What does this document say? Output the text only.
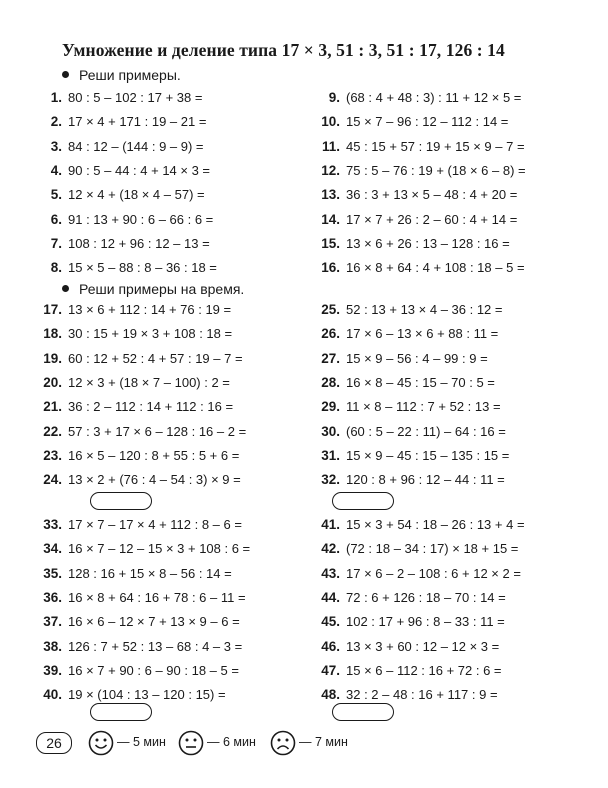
Умножение и деление типа 17 × 3, 51 : 3, 51 : 17, 126 : 14
Реши примеры.
1. 80 : 5 – 102 : 17 + 38 =
2. 17 × 4 + 171 : 19 – 21 =
3. 84 : 12 – (144 : 9 – 9) =
4. 90 : 5 – 44 : 4 + 14 × 3 =
5. 12 × 4 + (18 × 4 – 57) =
6. 91 : 13 + 90 : 6 – 66 : 6 =
7. 108 : 12 + 96 : 12 – 13 =
8. 15 × 5 – 88 : 8 – 36 : 18 =
9. (68 : 4 + 48 : 3) : 11 + 12 × 5 =
10. 15 × 7 – 96 : 12 – 112 : 14 =
11. 45 : 15 + 57 : 19 + 15 × 9 – 7 =
12. 75 : 5 – 76 : 19 + (18 × 6 – 8) =
13. 36 : 3 + 13 × 5 – 48 : 4 + 20 =
14. 17 × 7 + 26 : 2 – 60 : 4 + 14 =
15. 13 × 6 + 26 : 13 – 128 : 16 =
16. 16 × 8 + 64 : 4 + 108 : 18 – 5 =
Реши примеры на время.
17. 13 × 6 + 112 : 14 + 76 : 19 =
18. 30 : 15 + 19 × 3 + 108 : 18 =
19. 60 : 12 + 52 : 4 + 57 : 19 – 7 =
20. 12 × 3 + (18 × 7 – 100) : 2 =
21. 36 : 2 – 112 : 14 + 112 : 16 =
22. 57 : 3 + 17 × 6 – 128 : 16 – 2 =
23. 16 × 5 – 120 : 8 + 55 : 5 + 6 =
24. 13 × 2 + (76 : 4 – 54 : 3) × 9 =
25. 52 : 13 + 13 × 4 – 36 : 12 =
26. 17 × 6 – 13 × 6 + 88 : 11 =
27. 15 × 9 – 56 : 4 – 99 : 9 =
28. 16 × 8 – 45 : 15 – 70 : 5 =
29. 11 × 8 – 112 : 7 + 52 : 13 =
30. (60 : 5 – 22 : 11) – 64 : 16 =
31. 15 × 9 – 45 : 15 – 135 : 15 =
32. 120 : 8 + 96 : 12 – 44 : 11 =
33. 17 × 7 – 17 × 4 + 112 : 8 – 6 =
34. 16 × 7 – 12 – 15 × 3 + 108 : 6 =
35. 128 : 16 + 15 × 8 – 56 : 14 =
36. 16 × 8 + 64 : 16 + 78 : 6 – 11 =
37. 16 × 6 – 12 × 7 + 13 × 9 – 6 =
38. 126 : 7 + 52 : 13 – 68 : 4 – 3 =
39. 16 × 7 + 90 : 6 – 90 : 18 – 5 =
40. 19 × (104 : 13 – 120 : 15) =
41. 15 × 3 + 54 : 18 – 26 : 13 + 4 =
42. (72 : 18 – 34 : 17) × 18 + 15 =
43. 17 × 6 – 2 – 108 : 6 + 12 × 2 =
44. 72 : 6 + 126 : 18 – 70 : 14 =
45. 102 : 17 + 96 : 8 – 33 : 11 =
46. 13 × 3 + 60 : 12 – 12 × 3 =
47. 15 × 6 – 112 : 16 + 72 : 6 =
48. 32 : 2 – 48 : 16 + 117 : 9 =
26	— 5 мин	— 6 мин	— 7 мин
